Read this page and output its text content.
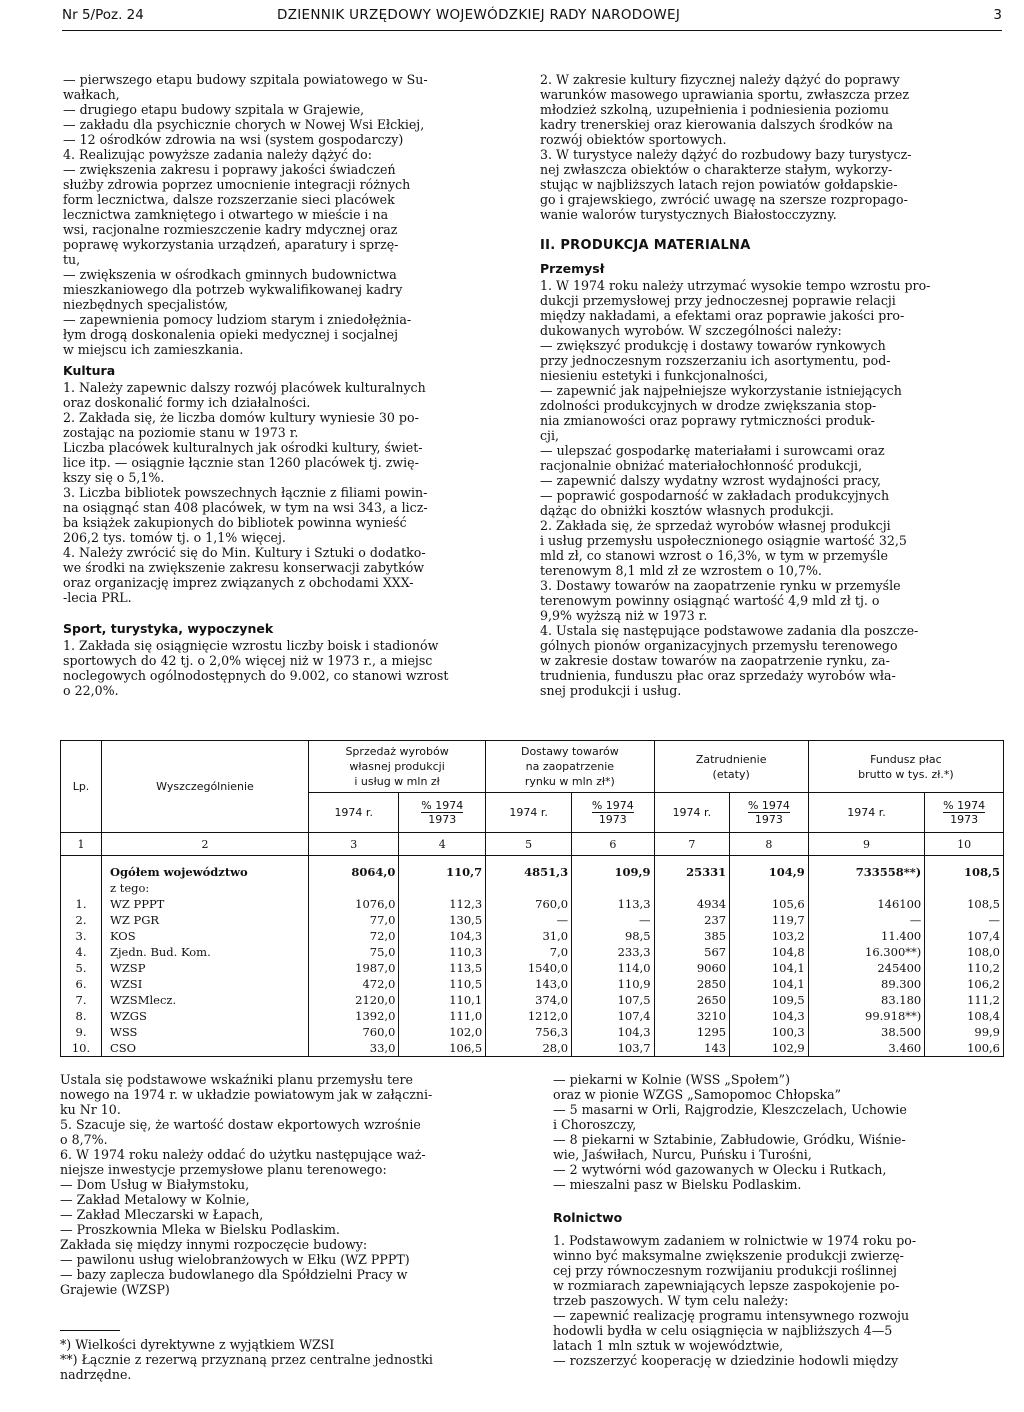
Nr 5/Poz. 24	DZIENNIK URZĘDOWY WOJEWÓDZKIEJ RADY NARODOWEJ	3

— pierwszego etapu budowy szpitala powiatowego w Su-
wałkach,
— drugiego etapu budowy szpitala w Grajewie,
— zakładu dla psychicznie chorych w Nowej Wsi Ełckiej,
— 12 ośrodków zdrowia na wsi (system gospodarczy)
4. Realizując powyższe zadania należy dążyć do:
— zwiększenia zakresu i poprawy jakości świadczeń
służby zdrowia poprzez umocnienie integracji różnych
form lecznictwa, dalsze rozszerzanie sieci placówek
lecznictwa zamkniętego i otwartego w mieście i na
wsi, racjonalne rozmieszczenie kadry mdycznej oraz
poprawę wykorzystania urządzeń, aparatury i sprzę-
tu,
— zwiększenia w ośrodkach gminnych budownictwa
mieszkaniowego dla potrzeb wykwalifikowanej kadry
niezbędnych specjalistów,
— zapewnienia pomocy ludziom starym i zniedołężnia-
łym drogą doskonalenia opieki medycznej i socjalnej
w miejscu ich zamieszkania.

Kultura

1. Należy zapewnic dalszy rozwój placówek kulturalnych
oraz doskonalić formy ich działalności.
2. Zakłada się, że liczba domów kultury wyniesie 30 po-
zostając na poziomie stanu w 1973 r.
Liczba placówek kulturalnych jak ośrodki kultury, świet-
lice itp. — osiągnie łącznie stan 1260 placówek tj. zwię-
kszy się o 5,1%.
3. Liczba bibliotek powszechnych łącznie z filiami powin-
na osiągnąć stan 408 placówek, w tym na wsi 343, a licz-
ba książek zakupionych do bibliotek powinna wynieść
206,2 tys. tomów tj. o 1,1% więcej.
4. Należy zwrócić się do Min. Kultury i Sztuki o dodatko-
we środki na zwiększenie zakresu konserwacji zabytków
oraz organizację imprez związanych z obchodami XXX-
-lecia PRL.

Sport, turystyka, wypoczynek

1. Zakłada się osiągnięcie wzrostu liczby boisk i stadionów
sportowych do 42 tj. o 2,0% więcej niż w 1973 r., a miejsc
noclegowych ogólnodostępnych do 9.002, co stanowi wzrost
o 22,0%.

2. W zakresie kultury fizycznej należy dążyć do poprawy
warunków masowego uprawiania sportu, zwłaszcza przez
młodzież szkolną, uzupełnienia i podniesienia poziomu
kadry trenerskiej oraz kierowania dalszych środków na
rozwój obiektów sportowych.
3. W turystyce należy dążyć do rozbudowy bazy turystycz-
nej zwłaszcza obiektów o charakterze stałym, wykorzy-
stując w najbliższych latach rejon powiatów gołdapskie-
go i grajewskiego, zwrócić uwagę na szersze rozpropago-
wanie walorów turystycznych Białostocczyzny.

II. PRODUKCJA MATERIALNA
Przemysł

1. W 1974 roku należy utrzymać wysokie tempo wzrostu pro-
dukcji przemysłowej przy jednoczesnej poprawie relacji
między nakładami, a efektami oraz poprawie jakości pro-
dukowanych wyrobów. W szczególności należy:
— zwiększyć produkcję i dostawy towarów rynkowych
przy jednoczesnym rozszerzaniu ich asortymentu, pod-
niesieniu estetyki i funkcjonalności,
— zapewnić jak najpełniejsze wykorzystanie istniejących
zdolności produkcyjnych w drodze zwiększania stop-
nia zmianowości oraz poprawy rytmiczności produk-
cji,
— ulepszać gospodarkę materiałami i surowcami oraz
racjonalnie obniżać materiałochłonność produkcji,
— zapewnić dalszy wydatny wzrost wydajności pracy,
— poprawić gospodarność w zakładach produkcyjnych
dążąc do obniżki kosztów własnych produkcji.
2. Zakłada się, że sprzedaż wyrobów własnej produkcji
i usług przemysłu uspołecznionego osiągnie wartość 32,5
mld zł, co stanowi wzrost o 16,3%, w tym w przemyśle
terenowym 8,1 mld zł ze wzrostem o 10,7%.
3. Dostawy towarów na zaopatrzenie rynku w przemyśle
terenowym powinny osiągnąć wartość 4,9 mld zł tj. o
9,9% wyższą niż w 1973 r.
4. Ustala się następujące podstawowe zadania dla poszcze-
gólnych pionów organizacyjnych przemysłu terenowego
w zakresie dostaw towarów na zaopatrzenie rynku, za-
trudnienia, funduszu płac oraz sprzedaży wyrobów wła-
snej produkcji i usług.

Lp.	Wyszczególnienie	Sprzedaż wyrobów
własnej produkcji
i usług w mln zł		Dostawy towarów
na zaopatrzenie
rynku w mln zł*)		Zatrudnienie
(etaty)		Fundusz płac
brutto w tys. zł.*)	
		1974 r.	$\frac{\% 1974}{1973}$	1974 r.	$\frac{\% 1974}{1973}$	1974 r.	$\frac{\% 1974}{1973}$	1974 r.	$\frac{\% 1974}{1973}$
1	2	3	4	5	6	7	8	9	10

	Ogółem województwo	8064,0	110,7	4851,3	109,9	25331	104,9	733558**)	108,5
	z tego:								
1.	WZ PPPT	1076,0	112,3	760,0	113,3	4934	105,6	146100	108,5
2.	WZ PGR	77,0	130,5	—	—	237	119,7	—	—
3.	KOS	72,0	104,3	31,0	98,5	385	103,2	11.400	107,4
4.	Zjedn. Bud. Kom.	75,0	110,3	7,0	233,3	567	104,8	16.300**)	108,0
5.	WZSP	1987,0	113,5	1540,0	114,0	9060	104,1	245400	110,2
6.	WZSI	472,0	110,5	143,0	110,9	2850	104,1	89.300	106,2
7.	WZSMlecz.	2120,0	110,1	374,0	107,5	2650	109,5	83.180	111,2
8.	WZGS	1392,0	111,0	1212,0	107,4	3210	104,3	99.918**)	108,4
9.	WSS	760,0	102,0	756,3	104,3	1295	100,3	38.500	99,9
10.	CSO	33,0	106,5	28,0	103,7	143	102,9	3.460	100,6

Ustala się podstawowe wskaźniki planu przemysłu tere
nowego na 1974 r. w układzie powiatowym jak w załączni-
ku Nr 10.
5. Szacuje się, że wartość dostaw ekportowych wzrośnie
o 8,7%.
6. W 1974 roku należy oddać do użytku następujące waż-
niejsze inwestycje przemysłowe planu terenowego:
— Dom Usług w Białymstoku,
— Zakład Metalowy w Kolnie,
— Zakład Mleczarski w Łapach,
— Proszkownia Mleka w Bielsku Podlaskim.
Zakłada się między innymi rozpoczęcie budowy:
— pawilonu usług wielobranżowych w Ełku (WZ PPPT)
— bazy zaplecza budowlanego dla Spółdzielni Pracy w
Grajewie (WZSP)

*) Wielkości dyrektywne z wyjątkiem WZSI

**) Łącznie z rezerwą przyznaną przez centralne jednostki
nadrzędne.

— piekarni w Kolnie (WSS „Społem”)
oraz w pionie WZGS „Samopomoc Chłopska”
— 5 masarni w Orli, Rajgrodzie, Kleszczelach, Uchowie
i Choroszczy,
— 8 piekarni w Sztabinie, Zabłudowie, Gródku, Wiśnie-
wie, Jaświłach, Nurcu, Puńsku i Turośni,
— 2 wytwórni wód gazowanych w Olecku i Rutkach,
— mieszalni pasz w Bielsku Podlaskim.

Rolnictwo

1. Podstawowym zadaniem w rolnictwie w 1974 roku po-
winno być maksymalne zwiększenie produkcji zwierzę-
cej przy równoczesnym rozwijaniu produkcji roślinnej
w rozmiarach zapewniających lepsze zaspokojenie po-
trzeb paszowych. W tym celu należy:
— zapewnić realizację programu intensywnego rozwoju
hodowli bydła w celu osiągnięcia w najbliższych 4—5
latach 1 mln sztuk w województwie,
— rozszerzyć kooperację w dziedzinie hodowli między
